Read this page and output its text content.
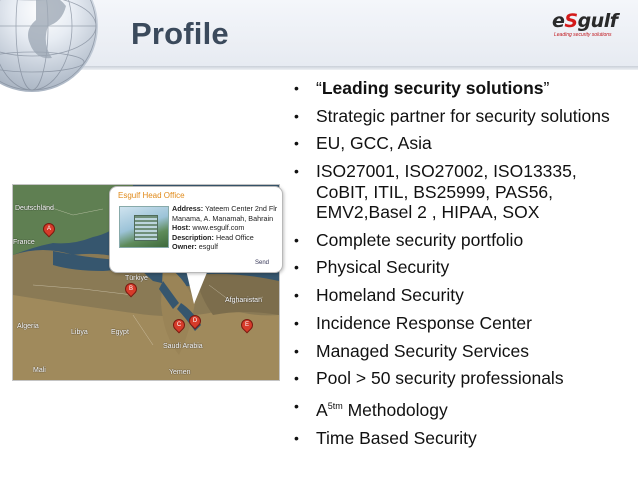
Profile	eSgulf
Leading security solutions
Deutschland
France
Türkiye
Algeria
Libya	Egypt
Saudi Arabia
Afghanistan
Yemen
Mali
A
B
C
D
E
Esgulf Head Office
Address: Yateem Center 2nd Flr
Manama, A. Manamah, Bahrain
Host: www.esgulf.com
Description: Head Office
Owner: esgulf
Send
• “Leading security solutions”
• Strategic partner for security solutions
• EU, GCC, Asia
• ISO27001, ISO27002, ISO13335, CoBIT, ITIL, BS25999, PAS56, EMV2,Basel 2 , HIPAA, SOX
• Complete security portfolio
• Physical Security
• Homeland Security
• Incidence Response Center
• Managed Security Services
• Pool > 50 security professionals
• $A^{5tm}$ Methodology
• Time Based Security
